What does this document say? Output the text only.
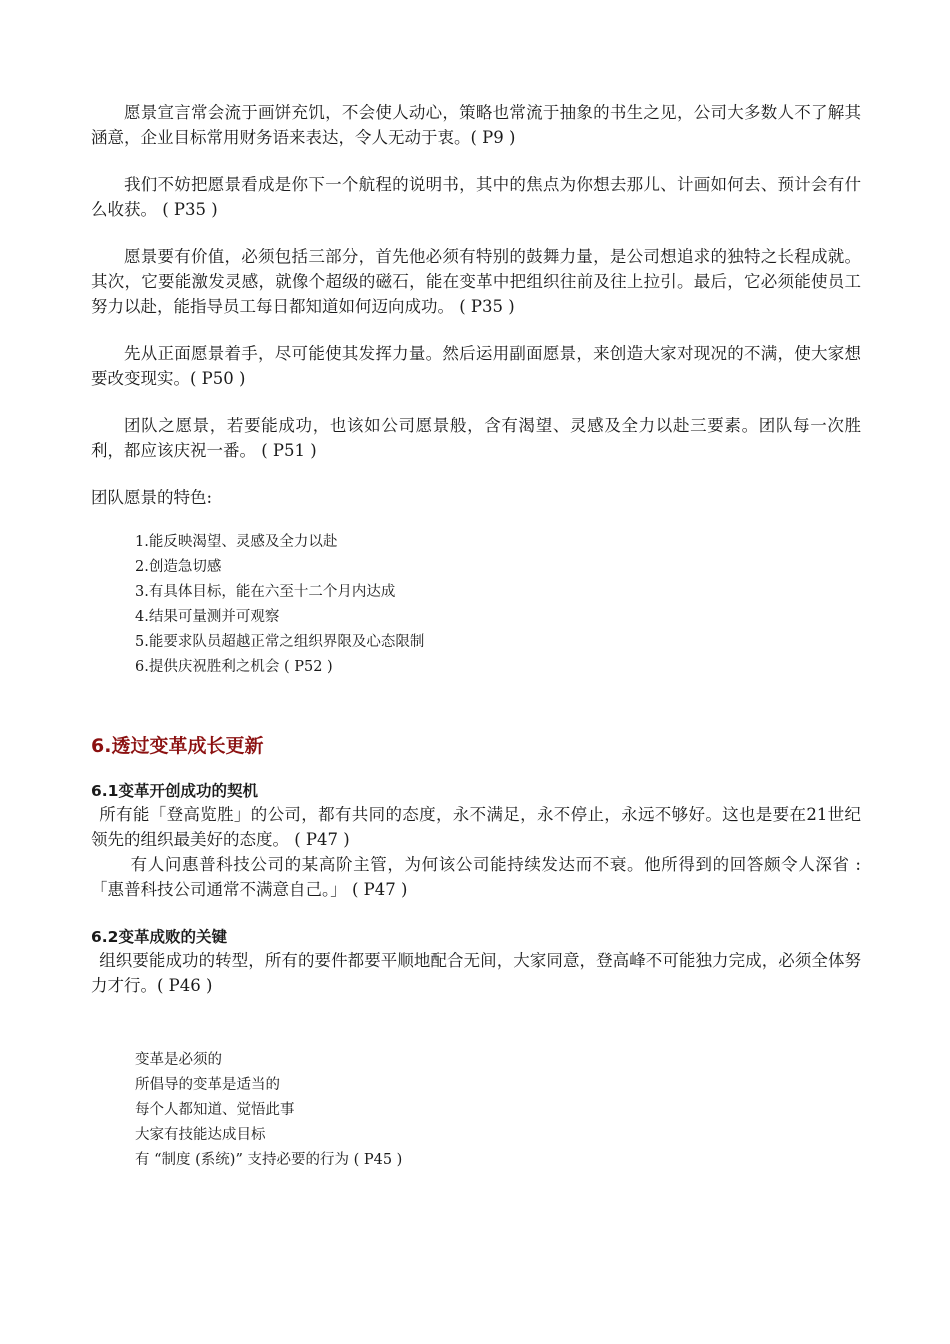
愿景宣言常会流于画饼充饥，不会使人动心，策略也常流于抽象的书生之见，公司大多数人不了解其涵意，企业目标常用财务语来表达，令人无动于衷。( P9 )

我们不妨把愿景看成是你下一个航程的说明书，其中的焦点为你想去那儿、计画如何去、预计会有什么收获。 ( P35 )

愿景要有价值，必须包括三部分，首先他必须有特别的鼓舞力量，是公司想追求的独特之长程成就。其次，它要能激发灵感，就像个超级的磁石，能在变革中把组织往前及往上拉引。最后，它必须能使员工努力以赴，能指导员工每日都知道如何迈向成功。 ( P35 )

先从正面愿景着手，尽可能使其发挥力量。然后运用副面愿景，来创造大家对现况的不满，使大家想要改变现实。( P50 )

团队之愿景，若要能成功，也该如公司愿景般，含有渴望、灵感及全力以赴三要素。团队每一次胜利，都应该庆祝一番。 ( P51 )

团队愿景的特色:

1.能反映渴望、灵感及全力以赴
2.创造急切感
3.有具体目标，能在六至十二个月内达成
4.结果可量测并可观察
5.能要求队员超越正常之组织界限及心态限制
6.提供庆祝胜利之机会 ( P52 )
6.透过变革成长更新
6.1变革开创成功的契机

所有能「登高览胜」的公司，都有共同的态度，永不满足，永不停止，永远不够好。这也是要在21世纪领先的组织最美好的态度。 ( P47 )

有人问惠普科技公司的某高阶主管，为何该公司能持续发达而不衰。他所得到的回答颇令人深省 :「惠普科技公司通常不满意自己。」 ( P47 )

6.2变革成败的关键

组织要能成功的转型，所有的要件都要平顺地配合无间，大家同意，登高峰不可能独力完成，必须全体努力才行。( P46 )

变革是必须的
所倡导的变革是适当的
每个人都知道、觉悟此事
大家有技能达成目标
有 “制度 (系统)” 支持必要的行为 ( P45 )
